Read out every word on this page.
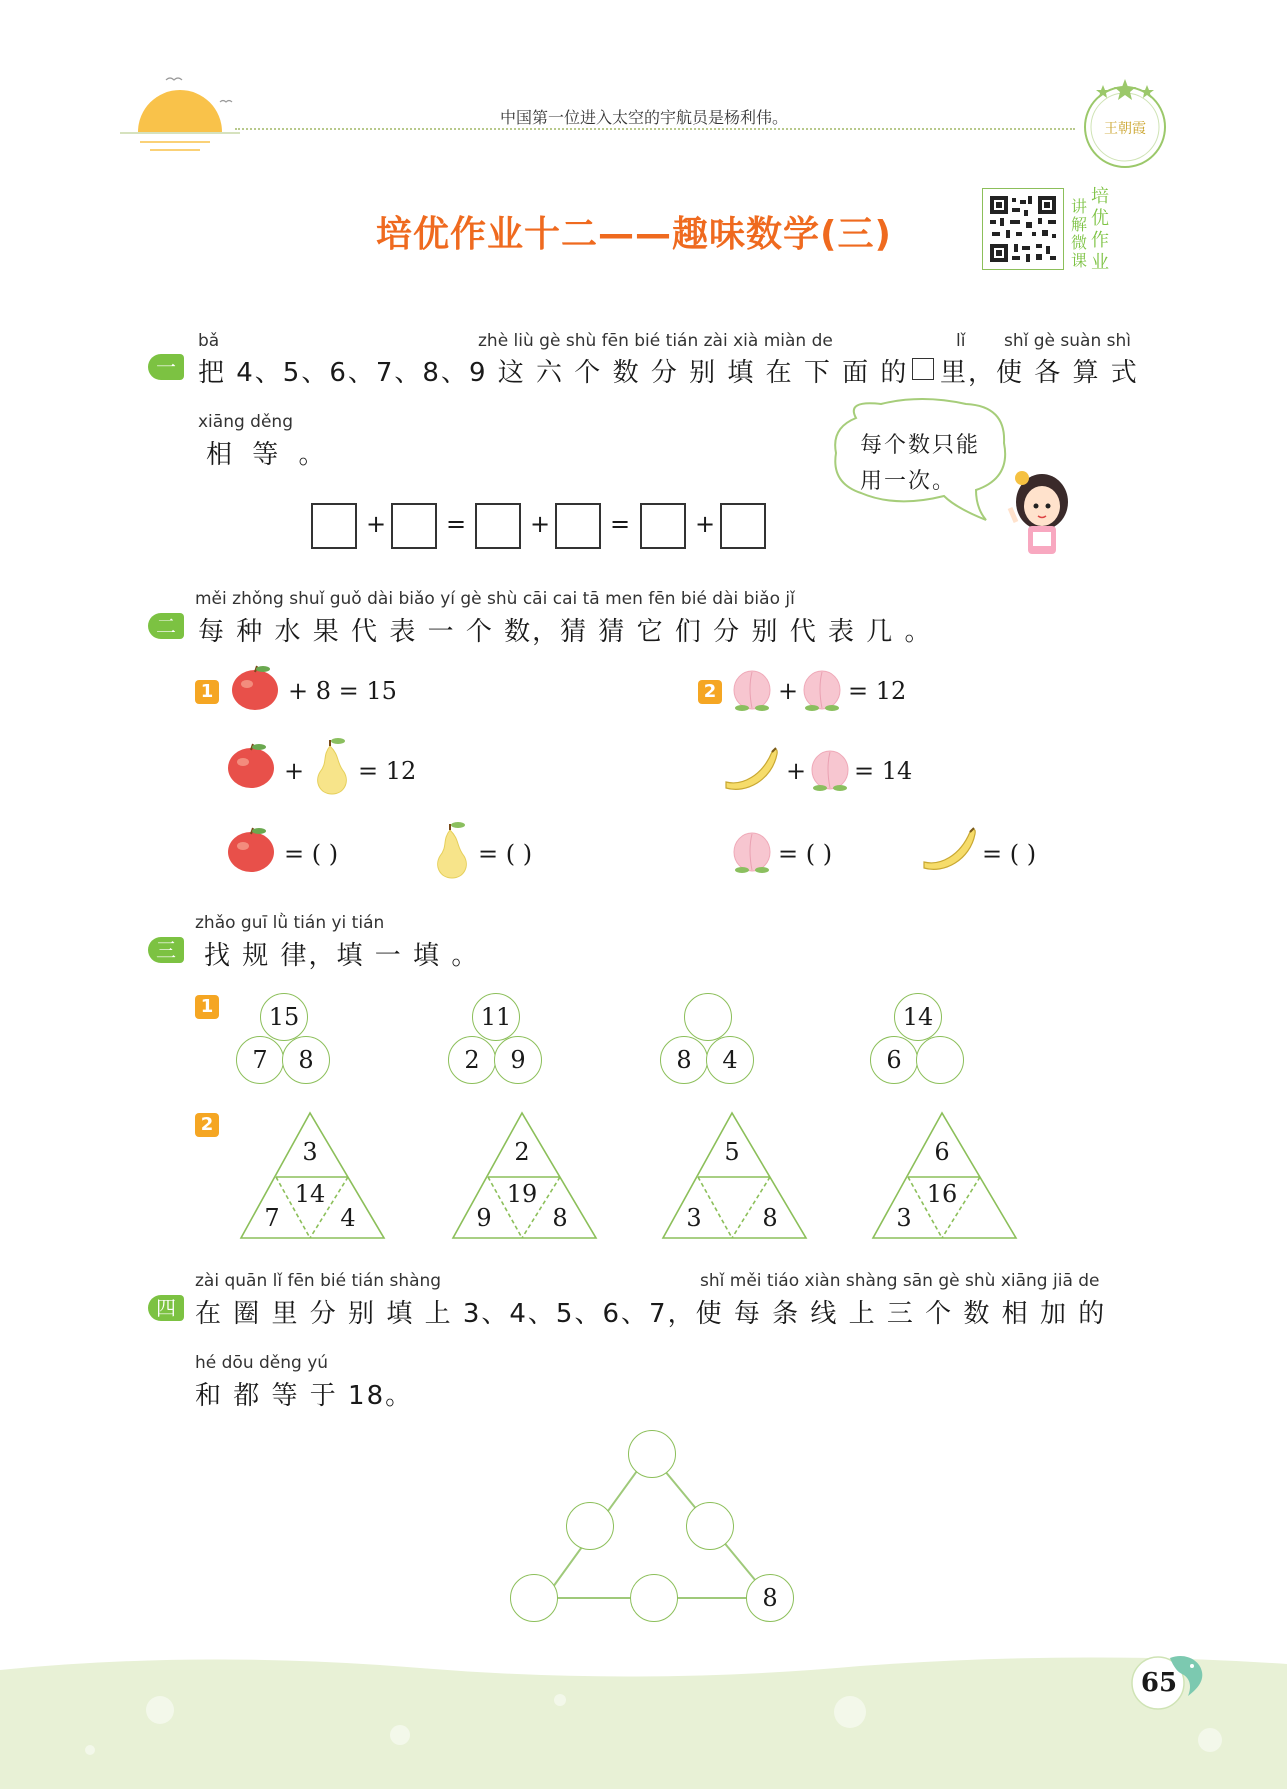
中国第一位进入太空的宇航员是杨利伟。
王朝霞
培优作业十二——趣味数学(三)
讲解微课
培优作业
一
bǎ	zhè liù gè shù fēn bié tián zài xià miàn de	lǐ shǐ gè suàn shì
把 4、5、6、7、8、9 这 六 个 数 分 别 填 在 下 面 的 里，使 各 算 式
xiāng děng
相 等 。	每个数只能
用一次。
+ =	+ =	+
二
měi zhǒng shuǐ guǒ dài biǎo yí gè shù cāi cai tā men fēn bié dài biǎo jǐ
每 种 水 果 代 表 一 个 数，猜 猜 它 们 分 别 代 表 几 。
1	+ 8 = 15
+ = 12
= ( )	= ( )
2	+ = 12
+ = 14
= ( )	= ( )
三
zhǎo guī lǜ tián yi tián
找 规 律，填 一 填 。
1	15
7	8
11
2	9	8	4
14
6
2
3
14
7	4
2
19
9	8
5
3	8
6
16
3
四
zài quān lǐ fēn bié tián shàng	shǐ měi tiáo xiàn shàng sān gè shù xiāng jiā de
在 圈 里 分 别 填 上 3、4、5、6、7，使 每 条 线 上 三 个 数 相 加 的
hé dōu děng yú
和 都 等 于 18。
8
65
